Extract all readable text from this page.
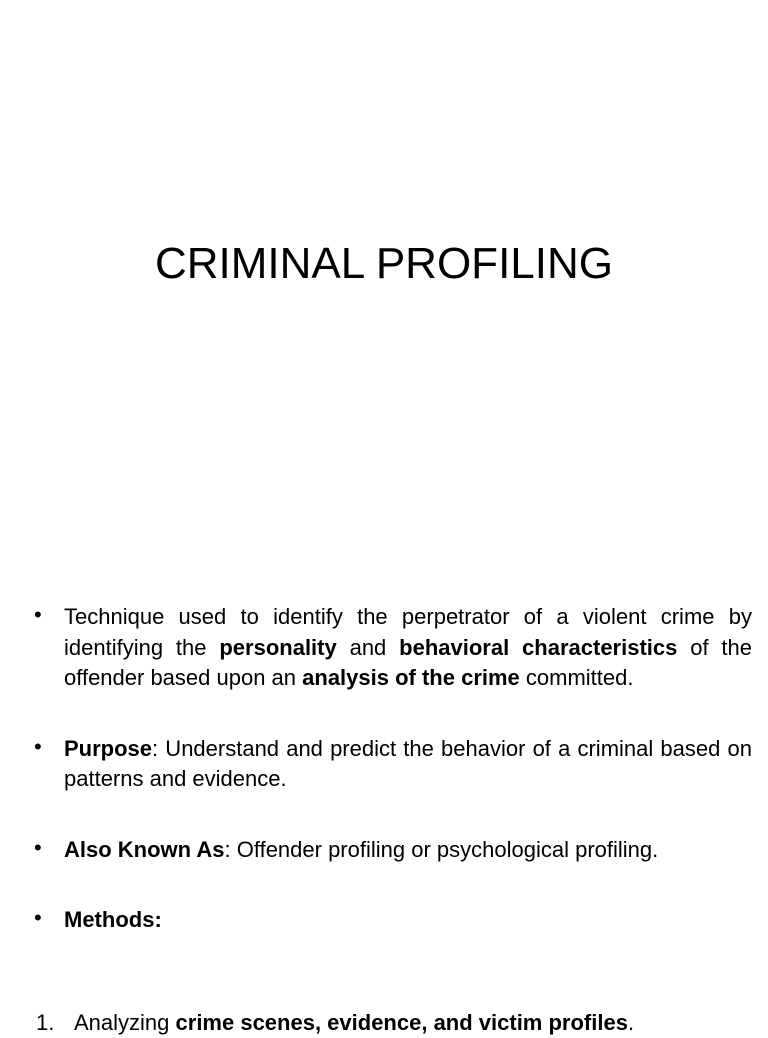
CRIMINAL PROFILING
• Technique used to identify the perpetrator of a violent crime by identifying the personality and behavioral characteristics of the offender based upon an analysis of the crime committed.
• Purpose: Understand and predict the behavior of a criminal based on patterns and evidence.
• Also Known As: Offender profiling or psychological profiling.
• Methods:
1. Analyzing crime scenes, evidence, and victim profiles.
